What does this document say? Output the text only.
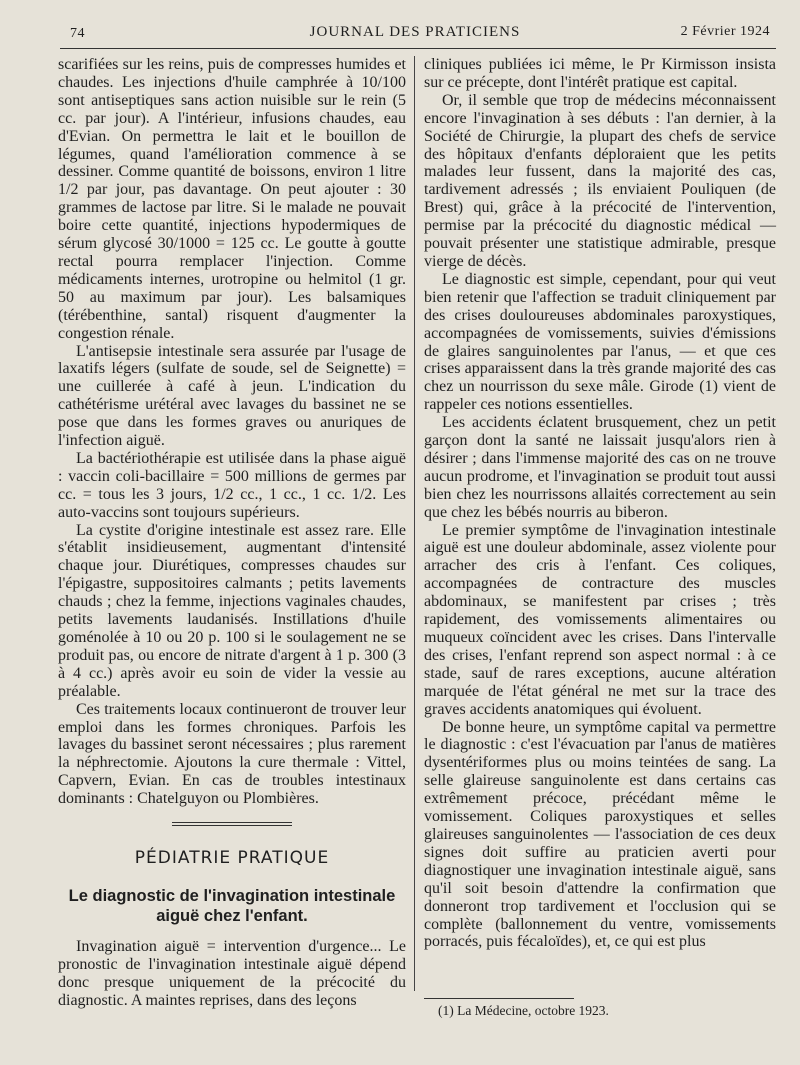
74	JOURNAL DES PRATICIENS	2 Février 1924

scarifiées sur les reins, puis de compresses humides et chaudes. Les injections d'huile camphrée à 10/100 sont antiseptiques sans action nuisible sur le rein (5 cc. par jour). A l'intérieur, infusions chaudes, eau d'Evian. On permettra le lait et le bouillon de légumes, quand l'amélioration commence à se dessiner. Comme quantité de boissons, environ 1 litre 1/2 par jour, pas davantage. On peut ajouter : 30 grammes de lactose par litre. Si le malade ne pouvait boire cette quantité, injections hypodermiques de sérum glycosé 30/1000 = 125 cc. Le goutte à goutte rectal pourra remplacer l'injection. Comme médicaments internes, urotropine ou helmitol (1 gr. 50 au maximum par jour). Les balsamiques (térébenthine, santal) risquent d'augmenter la congestion rénale.

L'antisepsie intestinale sera assurée par l'usage de laxatifs légers (sulfate de soude, sel de Seignette) = une cuillerée à café à jeun. L'indication du cathétérisme urétéral avec lavages du bassinet ne se pose que dans les formes graves ou anuriques de l'infection aiguë.

La bactériothérapie est utilisée dans la phase aiguë : vaccin coli-bacillaire = 500 millions de germes par cc. = tous les 3 jours, 1/2 cc., 1 cc., 1 cc. 1/2. Les auto-vaccins sont toujours supérieurs.

La cystite d'origine intestinale est assez rare. Elle s'établit insidieusement, augmentant d'intensité chaque jour. Diurétiques, compresses chaudes sur l'épigastre, suppositoires calmants ; petits lavements chauds ; chez la femme, injections vaginales chaudes, petits lavements laudanisés. Instillations d'huile goménolée à 10 ou 20 p. 100 si le soulagement ne se produit pas, ou encore de nitrate d'argent à 1 p. 300 (3 à 4 cc.) après avoir eu soin de vider la vessie au préalable.

Ces traitements locaux continueront de trouver leur emploi dans les formes chroniques. Parfois les lavages du bassinet seront nécessaires ; plus rarement la néphrectomie. Ajoutons la cure thermale : Vittel, Capvern, Evian. En cas de troubles intestinaux dominants : Chatelguyon ou Plombières.

PÉDIATRIE PRATIQUE
Le diagnostic de l'invagination intestinale aiguë chez l'enfant.

Invagination aiguë = intervention d'urgence... Le pronostic de l'invagination intestinale aiguë dépend donc presque uniquement de la précocité du diagnostic. A maintes reprises, dans des leçons

cliniques publiées ici même, le Pr Kirmisson insista sur ce précepte, dont l'intérêt pratique est capital.

Or, il semble que trop de médecins méconnaissent encore l'invagination à ses débuts : l'an dernier, à la Société de Chirurgie, la plupart des chefs de service des hôpitaux d'enfants déploraient que les petits malades leur fussent, dans la majorité des cas, tardivement adressés ; ils enviaient Pouliquen (de Brest) qui, grâce à la précocité de l'intervention, permise par la précocité du diagnostic médical — pouvait présenter une statistique admirable, presque vierge de décès.

Le diagnostic est simple, cependant, pour qui veut bien retenir que l'affection se traduit cliniquement par des crises douloureuses abdominales paroxystiques, accompagnées de vomissements, suivies d'émissions de glaires sanguinolentes par l'anus, — et que ces crises apparaissent dans la très grande majorité des cas chez un nourrisson du sexe mâle. Girode (1) vient de rappeler ces notions essentielles.

Les accidents éclatent brusquement, chez un petit garçon dont la santé ne laissait jusqu'alors rien à désirer ; dans l'immense majorité des cas on ne trouve aucun prodrome, et l'invagination se produit tout aussi bien chez les nourrissons allaités correctement au sein que chez les bébés nourris au biberon.

Le premier symptôme de l'invagination intestinale aiguë est une douleur abdominale, assez violente pour arracher des cris à l'enfant. Ces coliques, accompagnées de contracture des muscles abdominaux, se manifestent par crises ; très rapidement, des vomissements alimentaires ou muqueux coïncident avec les crises. Dans l'intervalle des crises, l'enfant reprend son aspect normal : à ce stade, sauf de rares exceptions, aucune altération marquée de l'état général ne met sur la trace des graves accidents anatomiques qui évoluent.

De bonne heure, un symptôme capital va permettre le diagnostic : c'est l'évacuation par l'anus de matières dysentériformes plus ou moins teintées de sang. La selle glaireuse sanguinolente est dans certains cas extrêmement précoce, précédant même le vomissement. Coliques paroxystiques et selles glaireuses sanguinolentes — l'association de ces deux signes doit suffire au praticien averti pour diagnostiquer une invagination intestinale aiguë, sans qu'il soit besoin d'attendre la confirmation que donneront trop tardivement et l'occlusion qui se complète (ballonnement du ventre, vomissements porracés, puis fécaloïdes), et, ce qui est plus

(1) La Médecine, octobre 1923.
